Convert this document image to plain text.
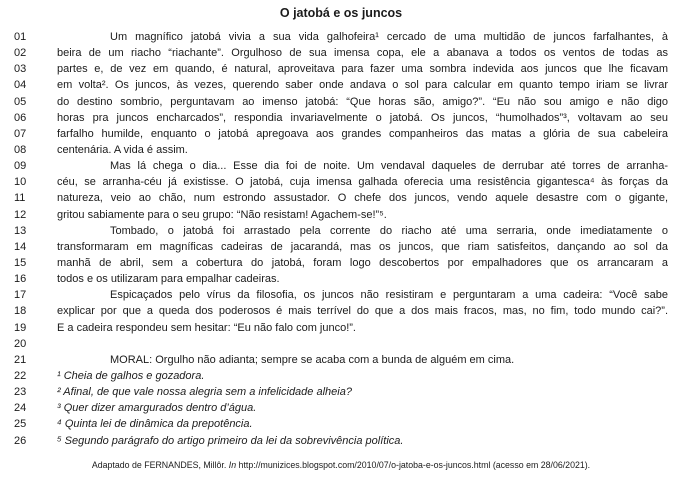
O jatobá e os juncos
01	Um magnífico jatobá vivia a sua vida galhofeira¹ cercado de uma multidão de juncos farfalhantes, à
02	beira de um riacho “riachante”. Orgulhoso de sua imensa copa, ele a abanava a todos os ventos de todas as
03	partes e, de vez em quando, é natural, aproveitava para fazer uma sombra indevida aos juncos que lhe ficavam
04	em volta². Os juncos, às vezes, querendo saber onde andava o sol para calcular em quanto tempo iriam se livrar
05	do destino sombrio, perguntavam ao imenso jatobá: “Que horas são, amigo?”. “Eu não sou amigo e não digo
06	horas pra juncos encharcados”, respondia invariavelmente o jatobá. Os juncos, “humolhados”³, voltavam ao seu
07	farfalho humilde, enquanto o jatobá apregoava aos grandes companheiros das matas a glória de sua cabeleira
08	centenária. A vida é assim.
09	Mas lá chega o dia... Esse dia foi de noite. Um vendaval daqueles de derrubar até torres de arranha-
10	céu, se arranha-céu já existisse. O jatobá, cuja imensa galhada oferecia uma resistência gigantesca⁴ às forças da
11	natureza, veio ao chão, num estrondo assustador. O chefe dos juncos, vendo aquele desastre com o gigante,
12	gritou sabiamente para o seu grupo: “Não resistam! Agachem-se!”⁵.
13	Tombado, o jatobá foi arrastado pela corrente do riacho até uma serraria, onde imediatamente o
14	transformaram em magníficas cadeiras de jacarandá, mas os juncos, que riam satisfeitos, dançando ao sol da
15	manhã de abril, sem a cobertura do jatobá, foram logo descobertos por empalhadores que os arrancaram a
16	todos e os utilizaram para empalhar cadeiras.
17	Espicaçados pelo vírus da filosofia, os juncos não resistiram e perguntaram a uma cadeira: “Você sabe
18	explicar por que a queda dos poderosos é mais terrível do que a dos mais fracos, mas, no fim, todo mundo cai?”.
19	E a cadeira respondeu sem hesitar: “Eu não falo com junco!”.
20
21	MORAL: Orgulho não adianta; sempre se acaba com a bunda de alguém em cima.
22	¹ Cheia de galhos e gozadora.
23	² Afinal, de que vale nossa alegria sem a infelicidade alheia?
24	³ Quer dizer amargurados dentro d’água.
25	⁴ Quinta lei de dinâmica da prepotência.
26	⁵ Segundo parágrafo do artigo primeiro da lei da sobrevivência política.
Adaptado de FERNANDES, Millôr. In http://munizices.blogspot.com/2010/07/o-jatoba-e-os-juncos.html (acesso em 28/06/2021).
